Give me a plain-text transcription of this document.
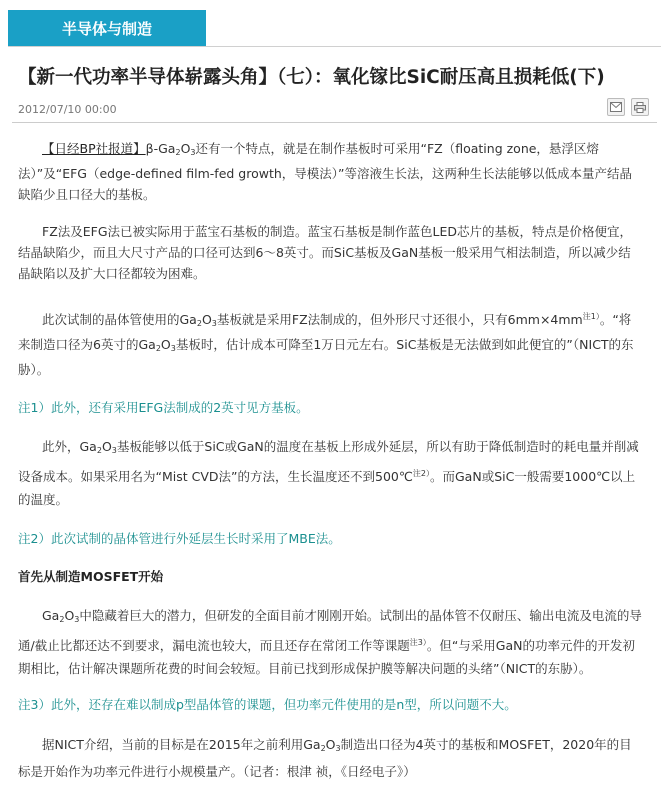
半导体与制造
【新一代功率半导体崭露头角】（七）：氧化镓比SiC耐压高且损耗低(下)
2012/07/10 00:00

【日经BP社报道】$\beta-Ga_2O_3$还有一个特点，就是在制作基板时可采用“FZ（floating zone，悬浮区熔法）”及“EFG（edge-defined film-fed growth，导模法）”等溶液生长法，这两种生长法能够以低成本量产结晶缺陷少且口径大的基板。

FZ法及EFG法已被实际用于蓝宝石基板的制造。蓝宝石基板是制作蓝色LED芯片的基板，特点是价格便宜，结晶缺陷少，而且大尺寸产品的口径可达到6～8英寸。而SiC基板及GaN基板一般采用气相法制造，所以减少结晶缺陷以及扩大口径都较为困难。

此次试制的晶体管使用的$Ga_2O_3$基板就是采用FZ法制成的，但外形尺寸还很小，只有$6mm\times 4mm^{注1)}$。“将来制造口径为6英寸的$Ga_2O_3$基板时，估计成本可降至1万日元左右。SiC基板是无法做到如此便宜的”（NICT的东胁）。

注1）此外，还有采用EFG法制成的2英寸见方基板。

此外，$Ga_2O_3$基板能够以低于SiC或GaN的温度在基板上形成外延层，所以有助于降低制造时的耗电量并削减设备成本。如果采用名为“Mist CVD法”的方法，生长温度还不到500℃$^{注2)}$。而GaN或SiC一般需要1000℃以上的温度。

注2）此次试制的晶体管进行外延层生长时采用了MBE法。

首先从制造MOSFET开始

$Ga_2O_3$中隐藏着巨大的潜力，但研发的全面目前才刚刚开始。试制出的晶体管不仅耐压、输出电流及电流的导通/截止比都还达不到要求，漏电流也较大，而且还存在常闭工作等课题$^{注3)}$。但“与采用GaN的功率元件的开发初期相比，估计解决课题所花费的时间会较短。目前已找到形成保护膜等解决问题的头绪”（NICT的东胁）。

注3）此外，还存在难以制成p型晶体管的课题，但功率元件使用的是n型，所以问题不大。

据NICT介绍，当前的目标是在2015年之前利用$Ga_2O_3$制造出口径为4英寸的基板和MOSFET，2020年的目标是开始作为功率元件进行小规模量产。（记者：根津 祯，《日经电子》）
